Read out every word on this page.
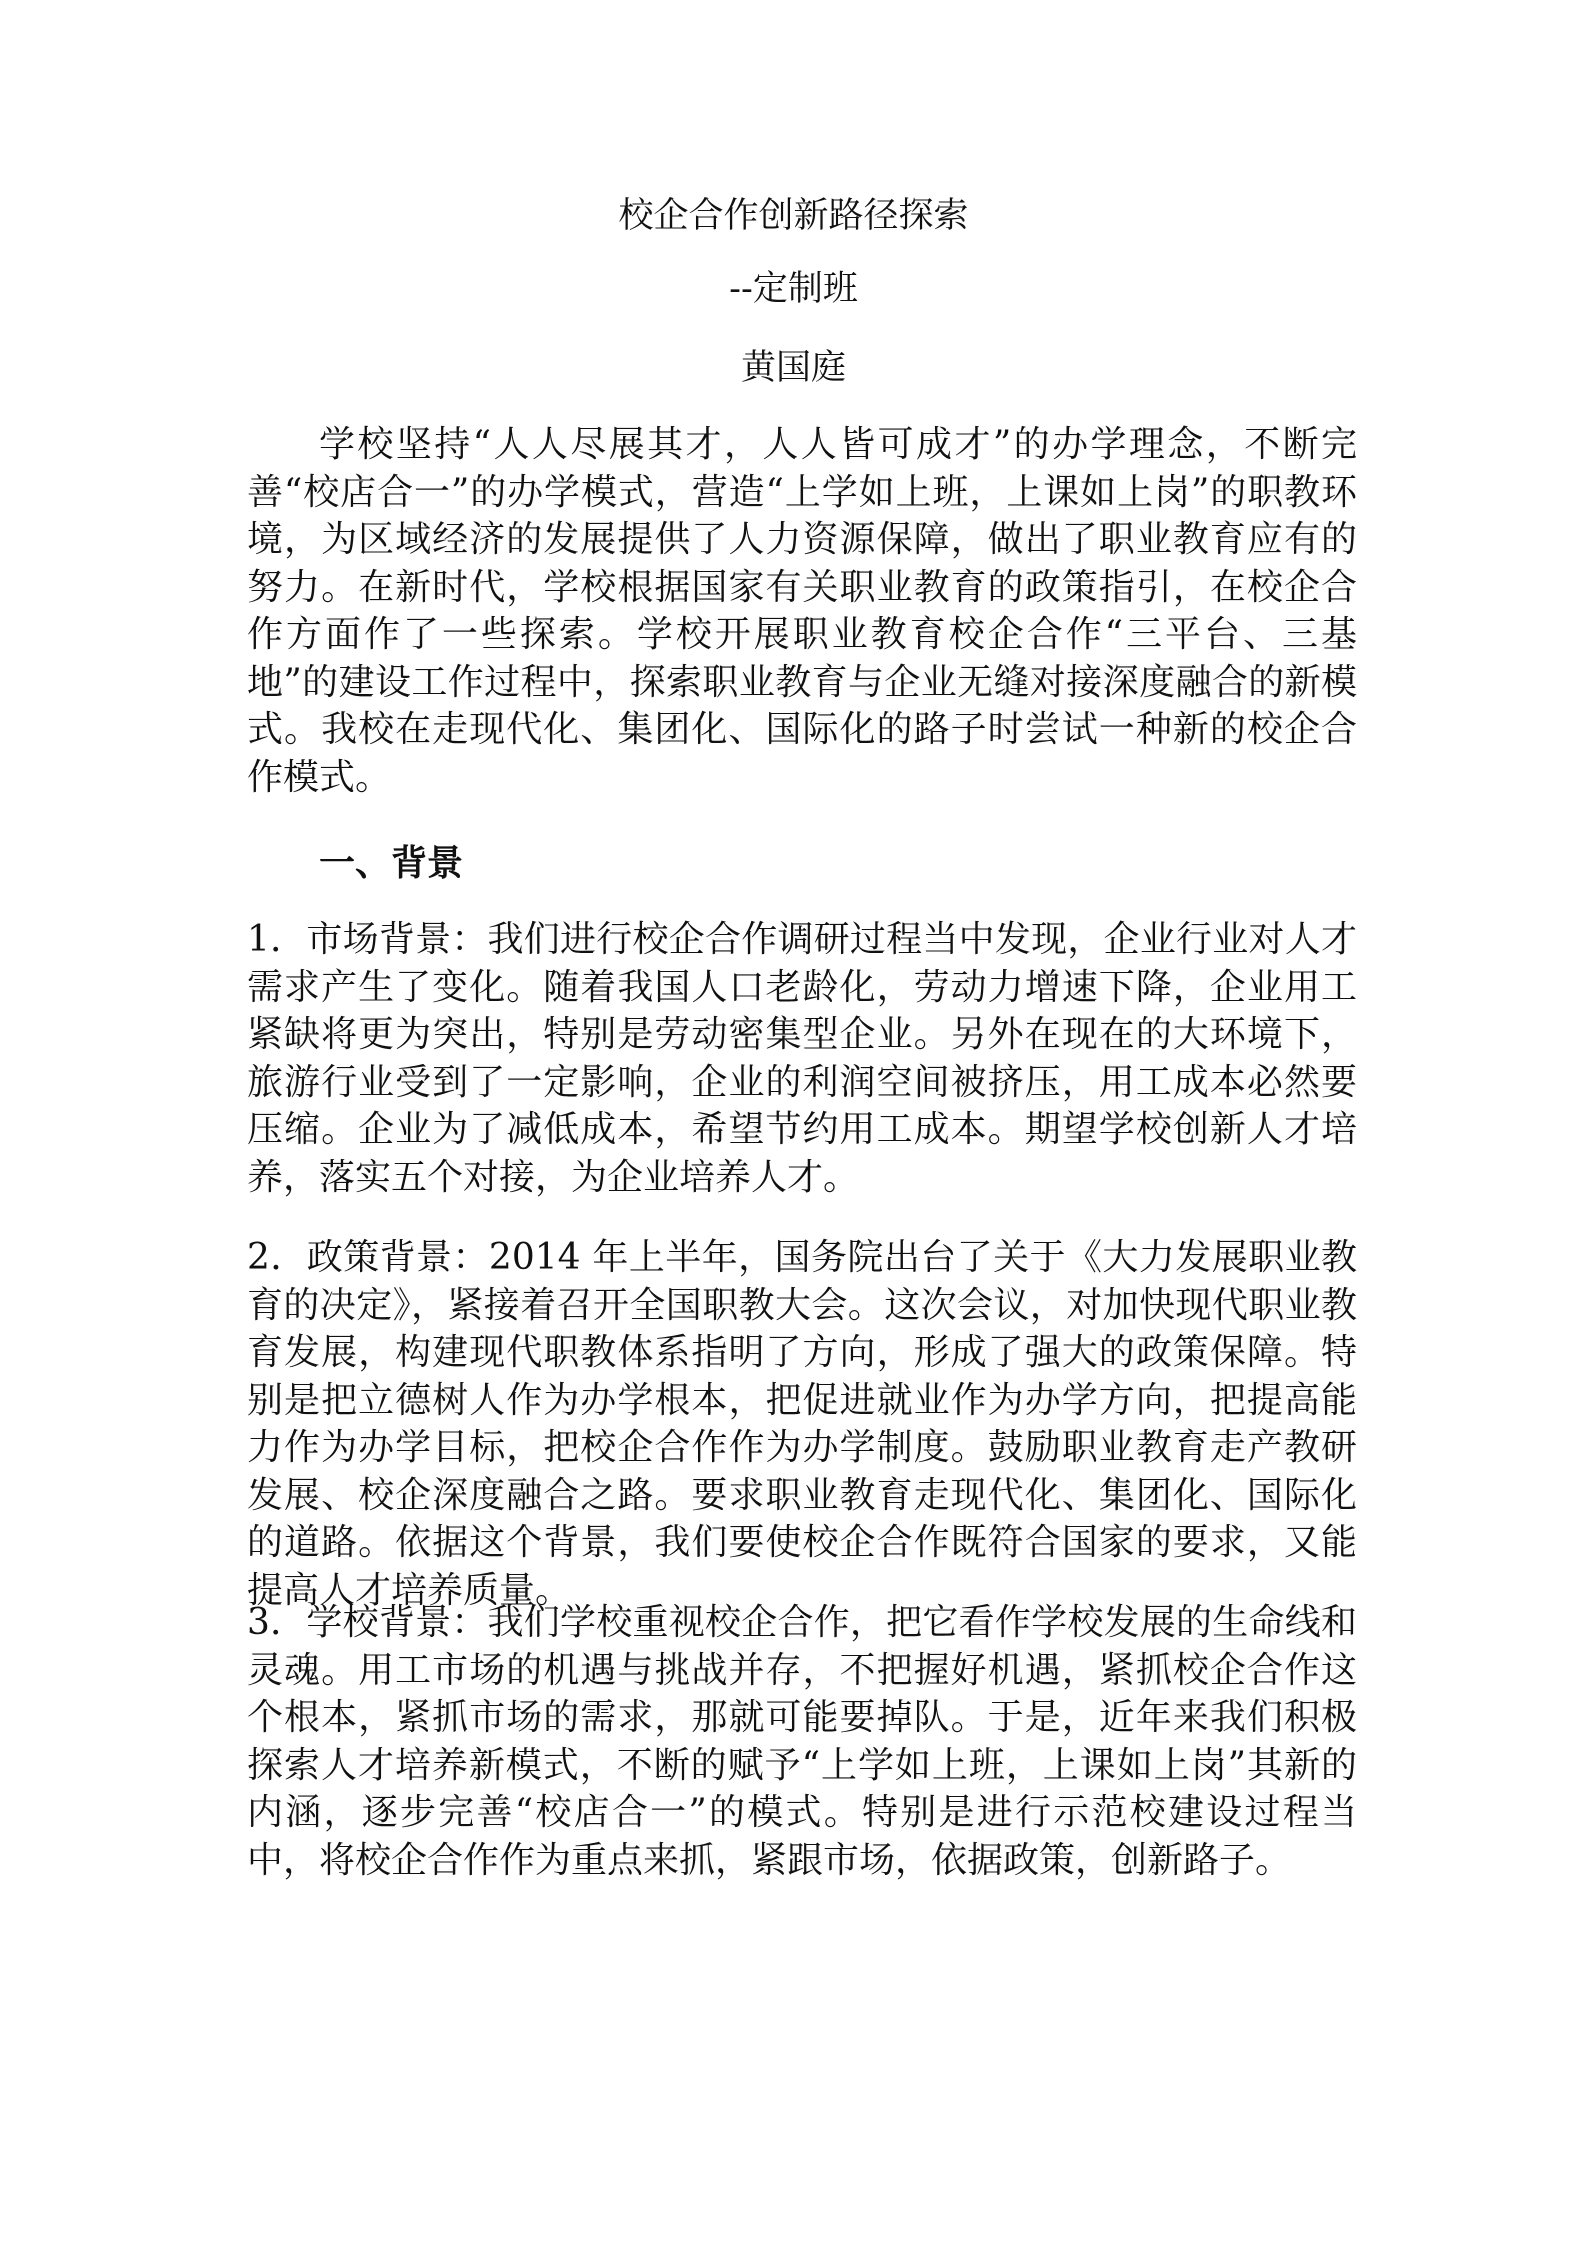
校企合作创新路径探索
--定制班
黄国庭

学校坚持“人人尽展其才，人人皆可成才”的办学理念，不断完善“校店合一”的办学模式，营造“上学如上班，上课如上岗”的职教环境，为区域经济的发展提供了人力资源保障，做出了职业教育应有的努力。在新时代，学校根据国家有关职业教育的政策指引，在校企合作方面作了一些探索。学校开展职业教育校企合作“三平台、三基地”的建设工作过程中，探索职业教育与企业无缝对接深度融合的新模式。我校在走现代化、集团化、国际化的路子时尝试一种新的校企合作模式。

一、背景

1．市场背景：我们进行校企合作调研过程当中发现，企业行业对人才需求产生了变化。随着我国人口老龄化，劳动力增速下降，企业用工紧缺将更为突出，特别是劳动密集型企业。另外在现在的大环境下，旅游行业受到了一定影响，企业的利润空间被挤压，用工成本必然要压缩。企业为了减低成本，希望节约用工成本。期望学校创新人才培养，落实五个对接，为企业培养人才。

2．政策背景：2014 年上半年，国务院出台了关于《大力发展职业教育的决定》，紧接着召开全国职教大会。这次会议，对加快现代职业教育发展，构建现代职教体系指明了方向，形成了强大的政策保障。特别是把立德树人作为办学根本，把促进就业作为办学方向，把提高能力作为办学目标，把校企合作作为办学制度。鼓励职业教育走产教研发展、校企深度融合之路。要求职业教育走现代化、集团化、国际化的道路。依据这个背景，我们要使校企合作既符合国家的要求，又能提高人才培养质量。

3．学校背景：我们学校重视校企合作，把它看作学校发展的生命线和灵魂。用工市场的机遇与挑战并存，不把握好机遇，紧抓校企合作这个根本，紧抓市场的需求，那就可能要掉队。于是，近年来我们积极探索人才培养新模式，不断的赋予“上学如上班，上课如上岗”其新的内涵，逐步完善“校店合一”的模式。特别是进行示范校建设过程当中，将校企合作作为重点来抓，紧跟市场，依据政策，创新路子。
